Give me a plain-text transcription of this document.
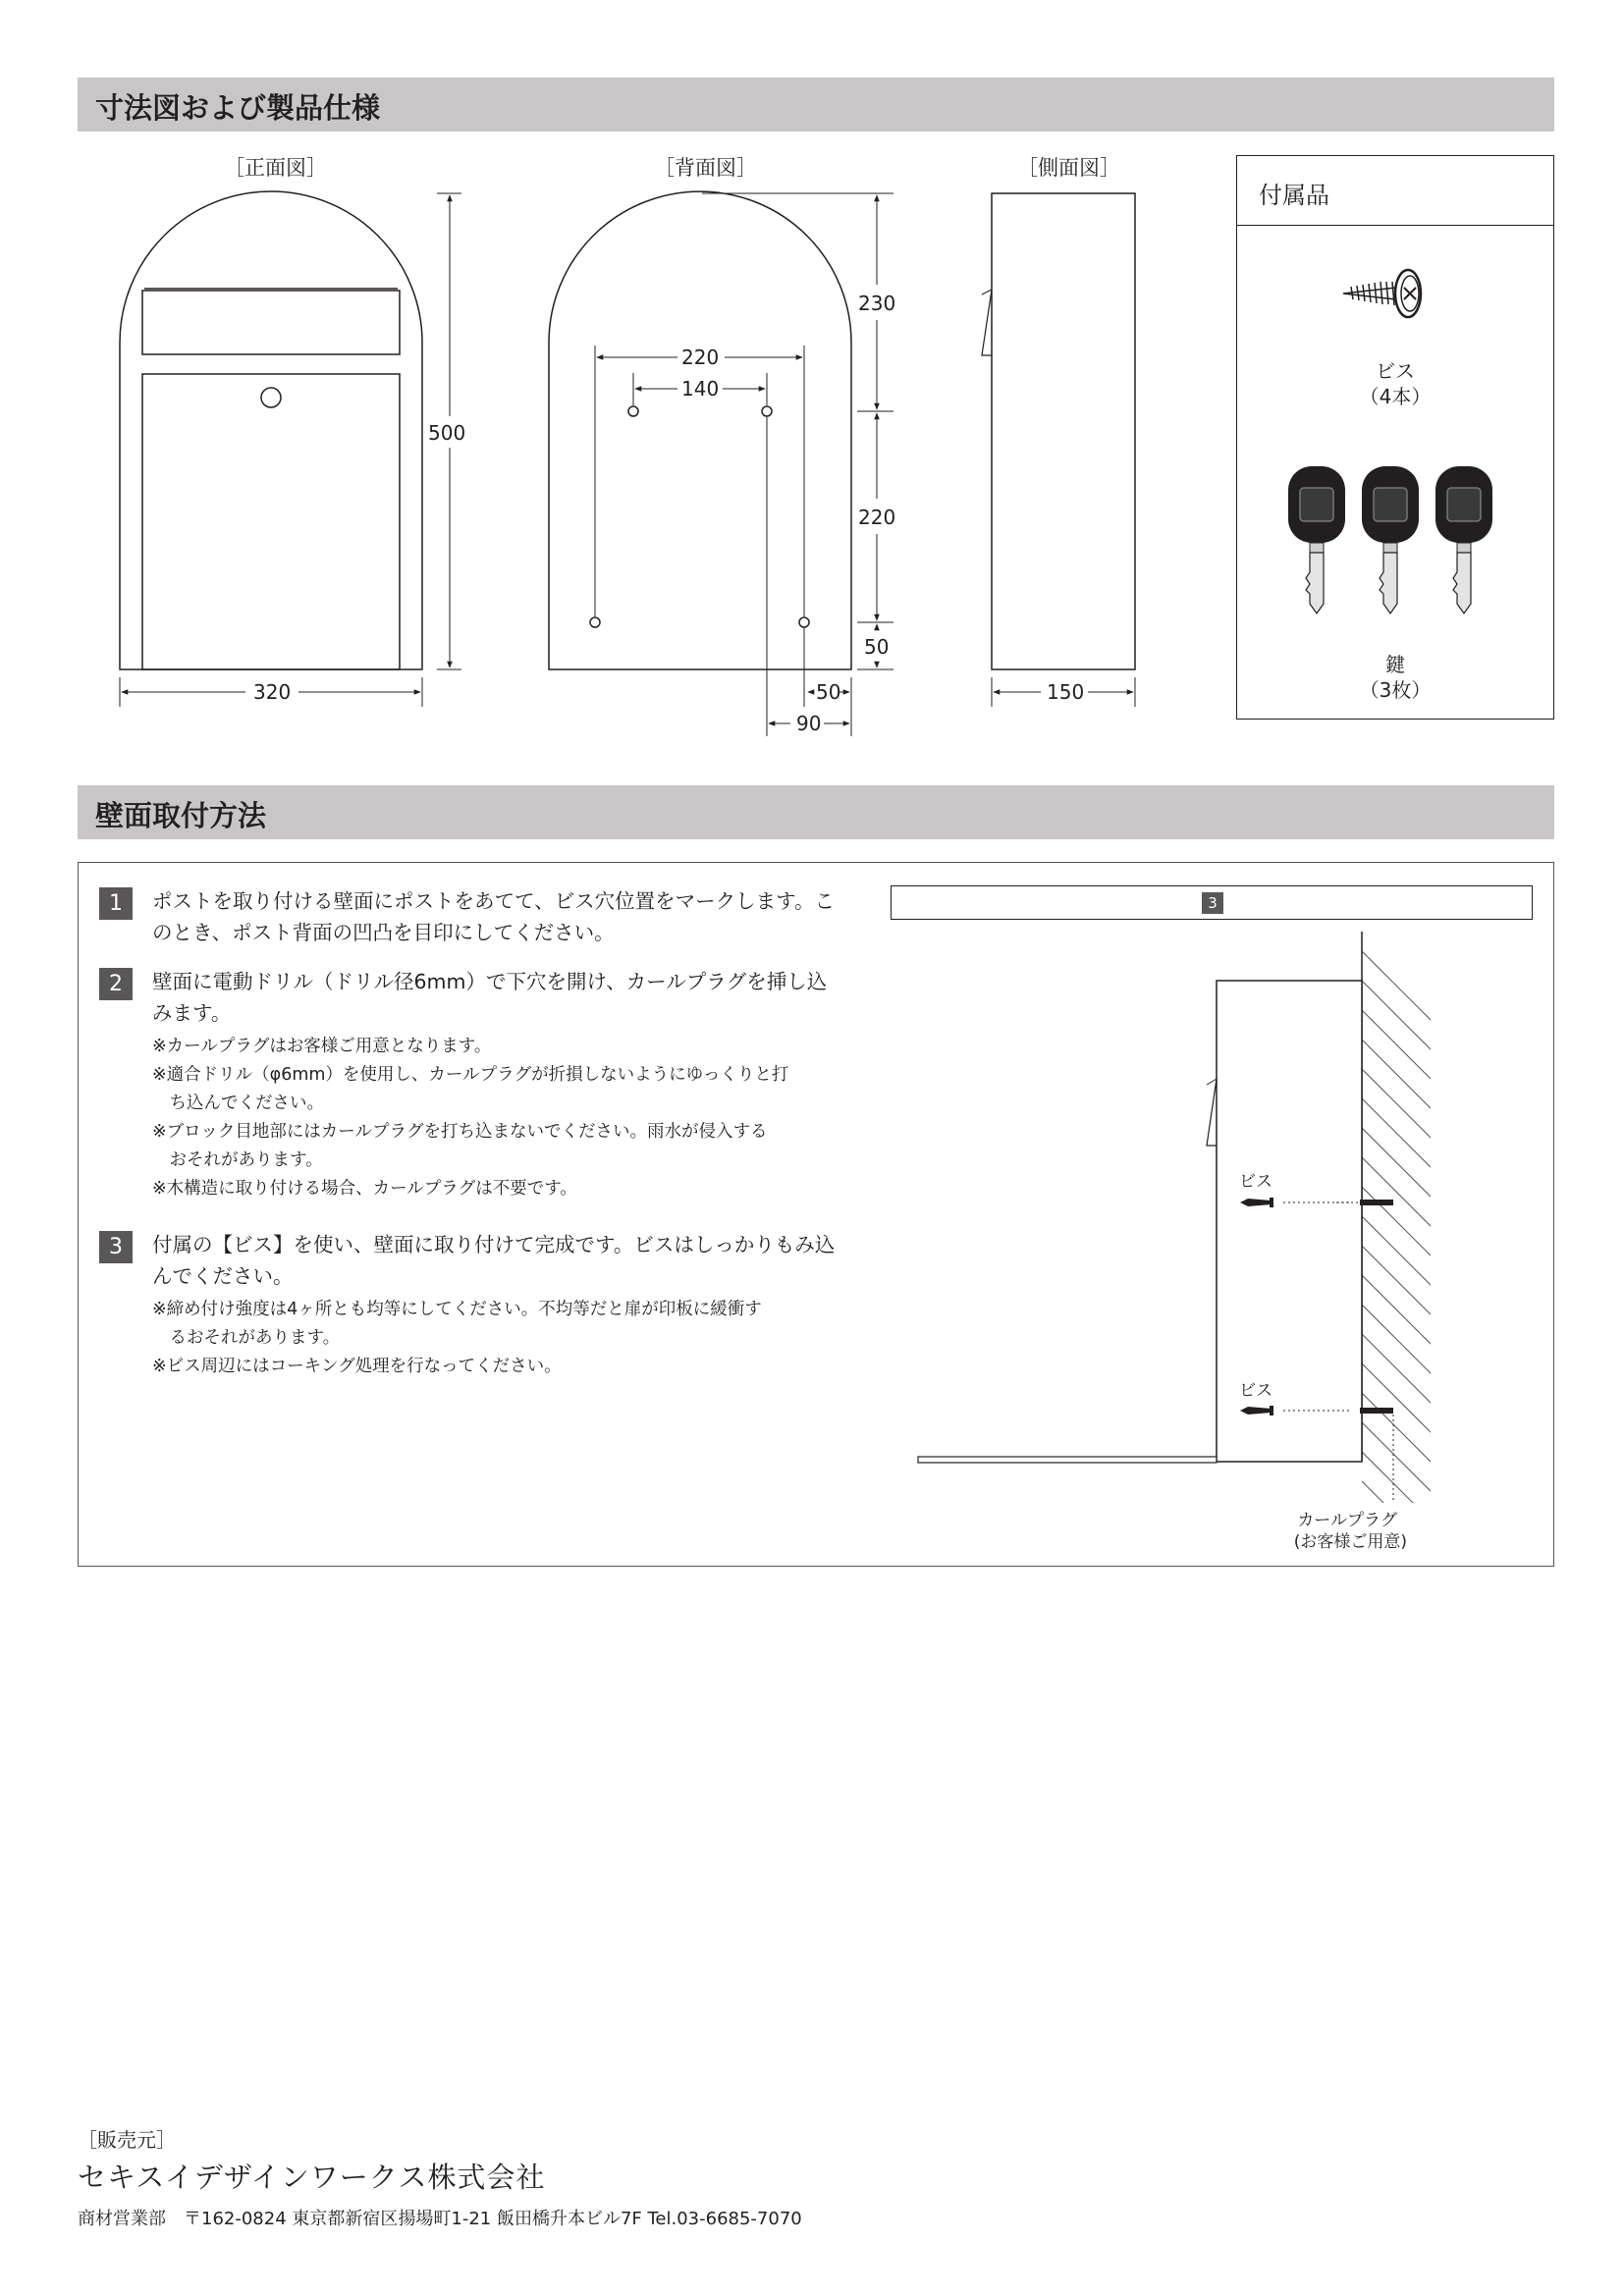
寸法図および製品仕様
［正面図］	［背面図］	［側面図］
500
320
220
140
230
220
50
50
90
150
付属品
ビス
（4本）
鍵
（3枚）
壁面取付方法
1	ポストを取り付ける壁面にポストをあてて、ビス穴位置をマークします。こ
のとき、ポスト背面の凹凸を目印にしてください。
2	壁面に電動ドリル（ドリル径6mm）で下穴を開け、カールプラグを挿し込
みます。
※カールプラグはお客様ご用意となります。
※適合ドリル（φ6mm）を使用し、カールプラグが折損しないようにゆっくりと打
　ち込んでください。
※ブロック目地部にはカールプラグを打ち込まないでください。雨水が侵入する
　おそれがあります。
※木構造に取り付ける場合、カールプラグは不要です。
3	付属の【ビス】を使い、壁面に取り付けて完成です。ビスはしっかりもみ込
んでください。
※締め付け強度は4ヶ所とも均等にしてください。不均等だと扉が印板に緩衝す
　るおそれがあります。
※ビス周辺にはコーキング処理を行なってください。
3
ビス
ビス
カールプラグ
(お客様ご用意)
［販売元］
セキスイデザインワークス株式会社
商材営業部　〒162-0824 東京都新宿区揚場町1-21 飯田橋升本ビル7F Tel.03-6685-7070
